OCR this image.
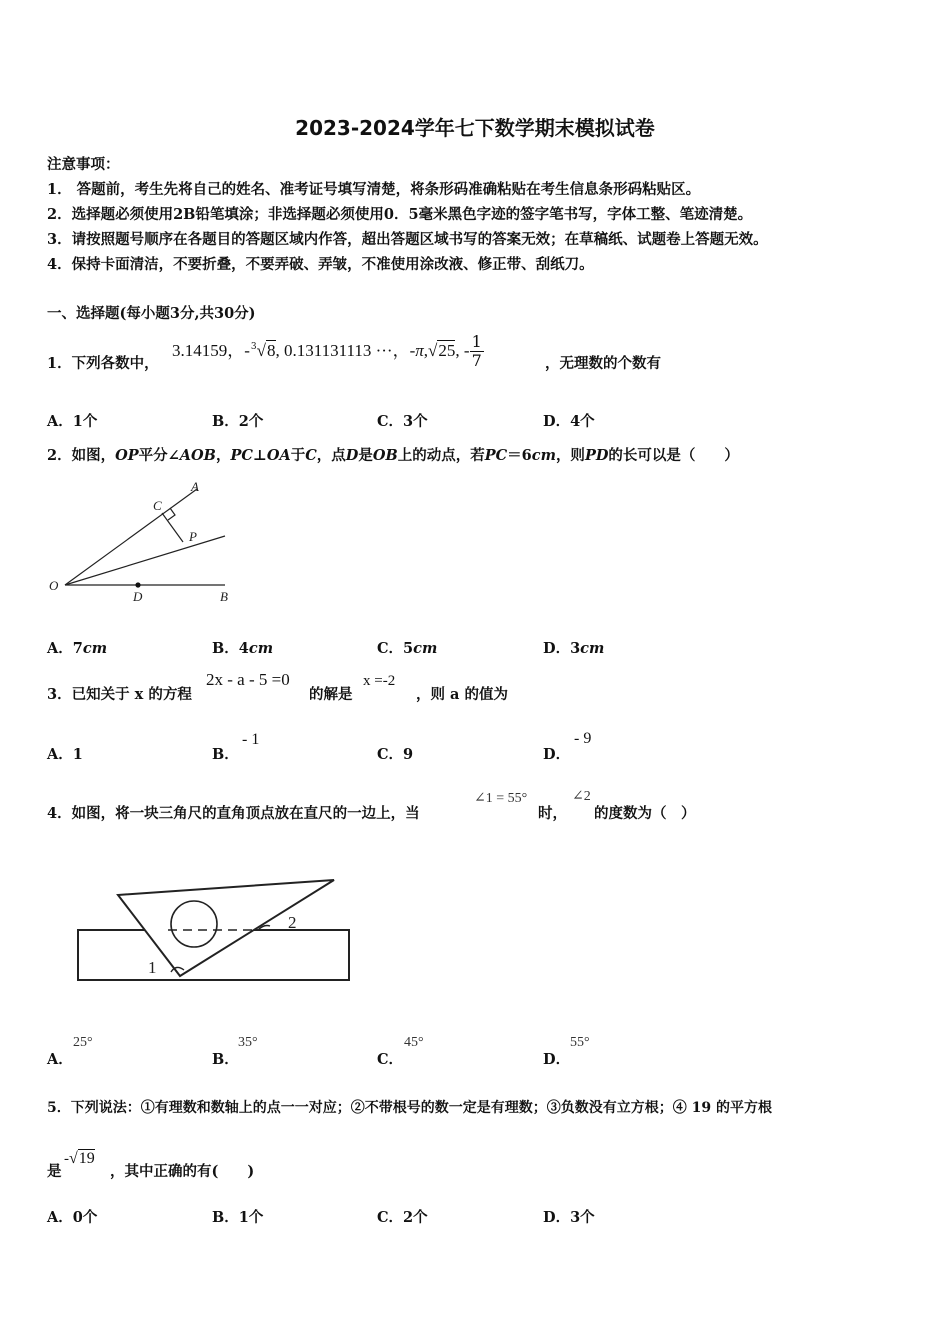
2023-2024学年七下数学期末模拟试卷
注意事项：
1． 答题前，考生先将自己的姓名、准考证号填写清楚，将条形码准确粘贴在考生信息条形码粘贴区。
2．选择题必须使用2B铅笔填涂；非选择题必须使用0．5毫米黑色字迹的签字笔书写，字体工整、笔迹清楚。
3．请按照题号顺序在各题目的答题区域内作答，超出答题区域书写的答案无效；在草稿纸、试题卷上答题无效。
4．保持卡面清洁，不要折叠，不要弄破、弄皱，不准使用涂改液、修正带、刮纸刀。
一、选择题(每小题3分,共30分)
1．下列各数中，
3.14159，-$^3$√8, 0.131131113 ···，-π,√25, - $\frac{1}{7}$	，无理数的个数有
A．1个	B．2个	C．3个	D．4个
2．如图，OP平分∠AOB，PC⊥OA于C，点D是OB上的动点，若PC＝6cm，则PD的长可以是（　　）
A
C
P
O
D	B
A．7cm	B．4cm	C．5cm	D．3cm
3．已知关于 x 的方程
2x - a - 5 =0
的解是
x =-2
，则 a 的值为
A．1	B．
- 1
C．9	D．
- 9
4．如图，将一块三角尺的直角顶点放在直尺的一边上，当
∠1 = 55°
时，
∠2
的度数为（　）
1
2
A．
25°
B．
35°
C．
45°
D．
55°
5．下列说法：①有理数和数轴上的点一一对应；②不带根号的数一定是有理数；③负数没有立方根；④ 19 的平方根
是
-√19
，其中正确的有(　　)
A．0个	B．1个	C．2个	D．3个
